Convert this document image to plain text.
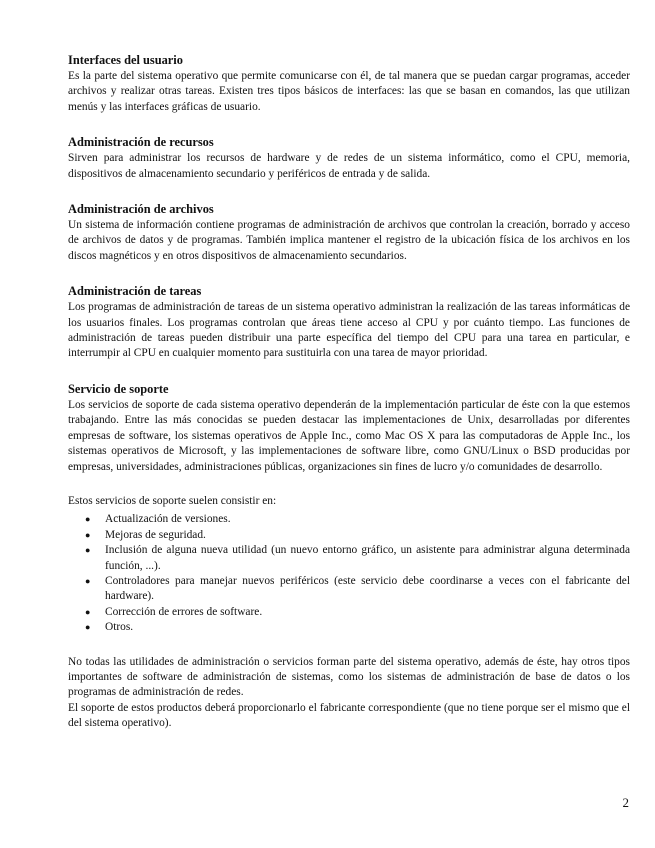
Interfaces del usuario

Es la parte del sistema operativo que permite comunicarse con él, de tal manera que se puedan cargar programas, acceder archivos y realizar otras tareas. Existen tres tipos básicos de interfaces: las que se basan en comandos, las que utilizan menús y las interfaces gráficas de usuario.

Administración de recursos

Sirven para administrar los recursos de hardware y de redes de un sistema informático, como el CPU, memoria, dispositivos de almacenamiento secundario y periféricos de entrada y de salida.

Administración de archivos

Un sistema de información contiene programas de administración de archivos que controlan la creación, borrado y acceso de archivos de datos y de programas. También implica mantener el registro de la ubicación física de los archivos en los discos magnéticos y en otros dispositivos de almacenamiento secundarios.

Administración de tareas

Los programas de administración de tareas de un sistema operativo administran la realización de las tareas informáticas de los usuarios finales. Los programas controlan que áreas tiene acceso al CPU y por cuánto tiempo. Las funciones de administración de tareas pueden distribuir una parte específica del tiempo del CPU para una tarea en particular, e interrumpir al CPU en cualquier momento para sustituirla con una tarea de mayor prioridad.

Servicio de soporte

Los servicios de soporte de cada sistema operativo dependerán de la implementación particular de éste con la que estemos trabajando. Entre las más conocidas se pueden destacar las implementaciones de Unix, desarrolladas por diferentes empresas de software, los sistemas operativos de Apple Inc., como Mac OS X para las computadoras de Apple Inc., los sistemas operativos de Microsoft, y las implementaciones de software libre, como GNU/Linux o BSD producidas por empresas, universidades, administraciones públicas, organizaciones sin fines de lucro y/o comunidades de desarrollo.

Estos servicios de soporte suelen consistir en:

● Actualización de versiones.
● Mejoras de seguridad.
● Inclusión de alguna nueva utilidad (un nuevo entorno gráfico, un asistente para administrar alguna determinada función, ...).
● Controladores para manejar nuevos periféricos (este servicio debe coordinarse a veces con el fabricante del hardware).
● Corrección de errores de software.
● Otros.

No todas las utilidades de administración o servicios forman parte del sistema operativo, además de éste, hay otros tipos importantes de software de administración de sistemas, como los sistemas de administración de base de datos o los programas de administración de redes.

El soporte de estos productos deberá proporcionarlo el fabricante correspondiente (que no tiene porque ser el mismo que el del sistema operativo).

2
